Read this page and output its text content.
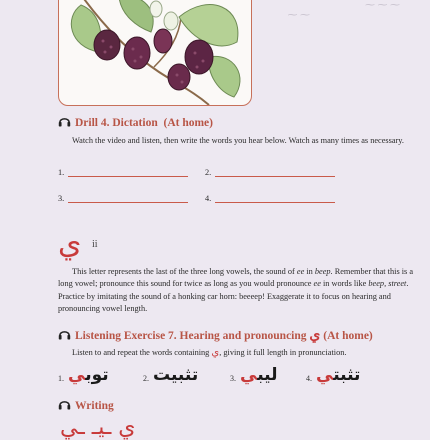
⁓ ⁓ ⁓
⁓ ⁓
Drill 4. Dictation (At home)
Watch the video and listen, then write the words you hear below. Watch as many times as necessary.
1.	2.
3.	4.
ي ii
This letter represents the last of the three long vowels, the sound of ee in beep. Remember that this is a long vowel; pronounce this sound for twice as long as you would pronounce ee in words like beep, street. Practice by imitating the sound of a honking car horn: beeeep! Exaggerate it to focus on hearing and pronouncing vowel length.
Listening Exercise 7. Hearing and pronouncing ي (At home)
Listen to and repeat the words containing ي, giving it full length in pronunciation.
1.	توبي	2. تثبيت	3.	ليبي	4.	تثبتي
Writing
ي ـيـ ـي
